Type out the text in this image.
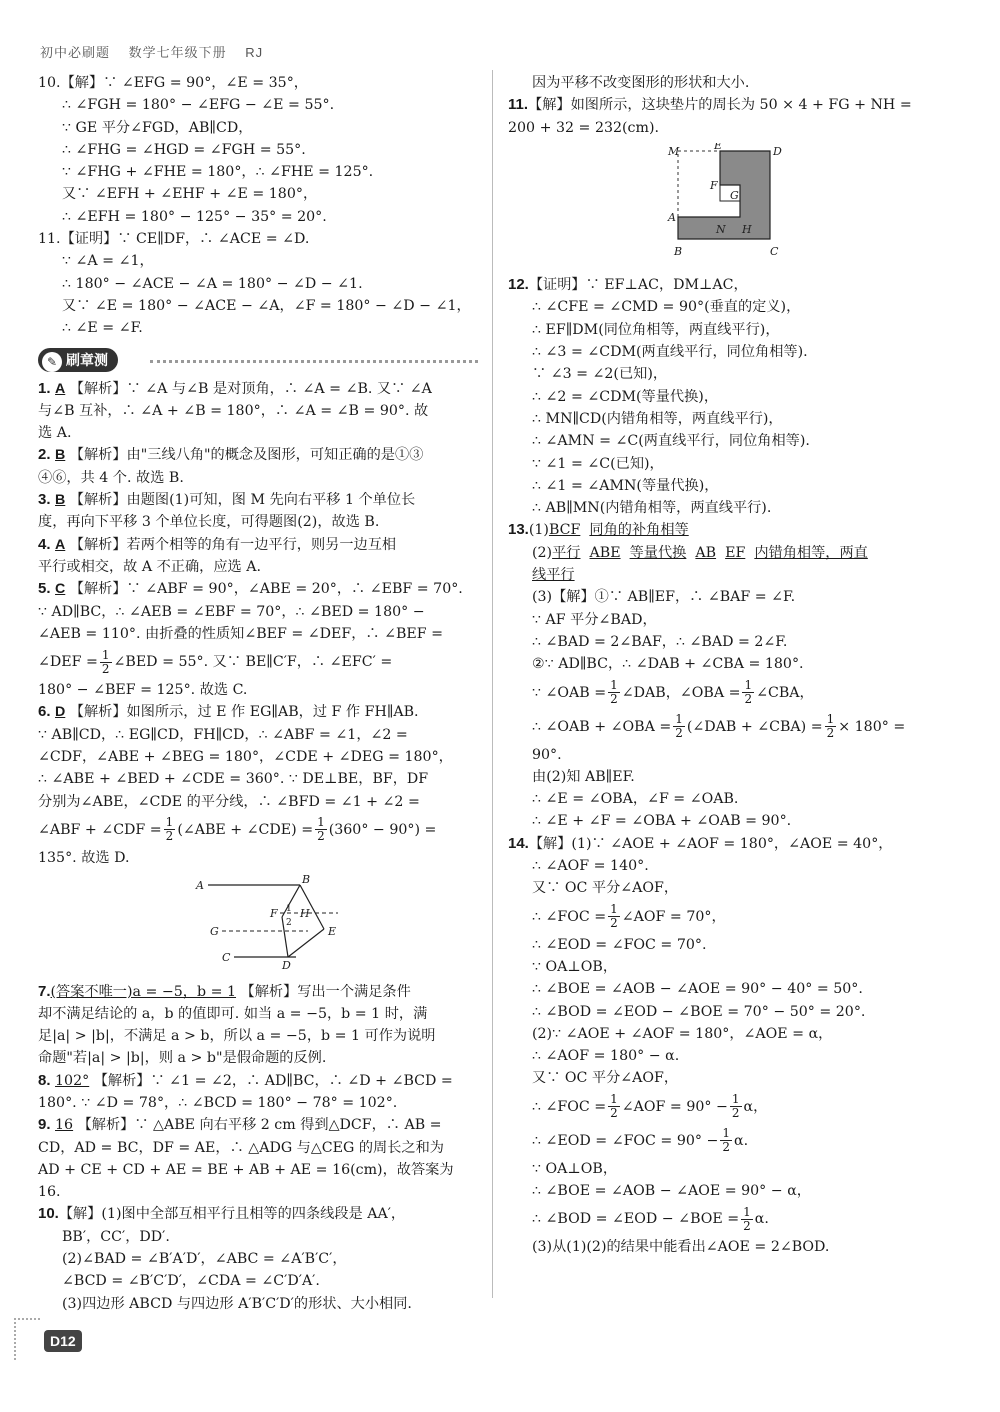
初中必刷题 数学七年级下册 RJ
10.【解】∵ ∠EFG = 90°，∠E = 35°，
∴ ∠FGH = 180° − ∠EFG − ∠E = 55°.
∵ GE 平分∠FGD，AB∥CD，
∴ ∠FHG = ∠HGD = ∠FGH = 55°.
∵ ∠FHG + ∠FHE = 180°，∴ ∠FHE = 125°.
又∵ ∠EFH + ∠EHF + ∠E = 180°，
∴ ∠EFH = 180° − 125° − 35° = 20°.
11.【证明】∵ CE∥DF，∴ ∠ACE = ∠D.
∵ ∠A = ∠1，
∴ 180° − ∠ACE − ∠A = 180° − ∠D − ∠1.
又∵ ∠E = 180° − ∠ACE − ∠A，∠F = 180° − ∠D − ∠1，
∴ ∠E = ∠F.
✎ 刷章测
1. A 【解析】∵ ∠A 与∠B 是对顶角，∴ ∠A = ∠B. 又∵ ∠A
与∠B 互补，∴ ∠A + ∠B = 180°，∴ ∠A = ∠B = 90°. 故
选 A.
2. B 【解析】由"三线八角"的概念及图形，可知正确的是①③
④⑥，共 4 个. 故选 B.
3. B 【解析】由题图(1)可知，图 M 先向右平移 1 个单位长
度，再向下平移 3 个单位长度，可得题图(2)，故选 B.
4. A 【解析】若两个相等的角有一边平行，则另一边互相
平行或相交，故 A 不正确，应选 A.
5. C 【解析】∵ ∠ABF = 90°，∠ABE = 20°，∴ ∠EBF = 70°.
∵ AD∥BC，∴ ∠AEB = ∠EBF = 70°，∴ ∠BED = 180° −
∠AEB = 110°. 由折叠的性质知∠BEF = ∠DEF，∴ ∠BEF =
∠DEF = $\frac{1}{2}$ ∠BED = 55°. 又∵ BE∥C′F，∴ ∠EFC′ =
180° − ∠BEF = 125°. 故选 C.
6. D 【解析】如图所示，过 E 作 EG∥AB，过 F 作 FH∥AB.
∵ AB∥CD，∴ EG∥CD，FH∥CD，∴ ∠ABF = ∠1，∠2 =
∠CDF，∠ABE + ∠BEG = 180°，∠CDE + ∠DEG = 180°，
∴ ∠ABE + ∠BED + ∠CDE = 360°. ∵ DE⊥BE，BF，DF
分别为∠ABE，∠CDE 的平分线，∴ ∠BFD = ∠1 + ∠2 =
∠ABF + ∠CDF = $\frac{1}{2}$ (∠ABE + ∠CDE) = $\frac{1}{2} (360^\circ - 90^\circ)$ =
135°. 故选 D.
A	B
F 1
2
H
G	E
C
D
7.(答案不唯一)a = −5，b = 1 【解析】写出一个满足条件
却不满足结论的 a，b 的值即可. 如当 a = −5，b = 1 时，满
足|a| > |b|，不满足 a > b，所以 a = −5，b = 1 可作为说明
命题"若|a| > |b|，则 a > b"是假命题的反例.
8. 102° 【解析】∵ ∠1 = ∠2，∴ AD∥BC，∴ ∠D + ∠BCD =
180°. ∵ ∠D = 78°，∴ ∠BCD = 180° − 78° = 102°.
9. 16 【解析】∵ △ABE 向右平移 2 cm 得到△DCF，∴ AB =
CD，AD = BC，DF = AE，∴ △ADG 与△CEG 的周长之和为
AD + CE + CD + AE = BE + AB + AE = 16(cm)，故答案为
16.
10.【解】(1)图中全部互相平行且相等的四条线段是 AA′，
BB′，CC′，DD′.
(2)∠BAD = ∠B′A′D′，∠ABC = ∠A′B′C′，
∠BCD = ∠B′C′D′，∠CDA = ∠C′D′A′.
(3)四边形 ABCD 与四边形 A′B′C′D′的形状、大小相同.
因为平移不改变图形的形状和大小.
11.【解】如图所示，这块垫片的周长为 50 × 4 + FG + NH =
200 + 32 = 232(cm).
M	E	D
F
G
A
N H
B	C
12.【证明】∵ EF⊥AC，DM⊥AC，
∴ ∠CFE = ∠CMD = 90°(垂直的定义)，
∴ EF∥DM(同位角相等，两直线平行)，
∴ ∠3 = ∠CDM(两直线平行，同位角相等).
∵ ∠3 = ∠2(已知)，
∴ ∠2 = ∠CDM(等量代换)，
∴ MN∥CD(内错角相等，两直线平行)，
∴ ∠AMN = ∠C(两直线平行，同位角相等).
∵ ∠1 = ∠C(已知)，
∴ ∠1 = ∠AMN(等量代换)，
∴ AB∥MN(内错角相等，两直线平行).
13.(1)BCF 同角的补角相等
(2)平行 ABE 等量代换 AB EF 内错角相等，两直
线平行
(3)【解】①∵ AB∥EF，∴ ∠BAF = ∠F.
∵ AF 平分∠BAD，
∴ ∠BAD = 2∠BAF，∴ ∠BAD = 2∠F.
②∵ AD∥BC，∴ ∠DAB + ∠CBA = 180°.
∵ ∠OAB = $\frac{1}{2}$ ∠DAB，∠OBA = $\frac{1}{2}$ ∠CBA，
∴ ∠OAB + ∠OBA = $\frac{1}{2}$ (∠DAB + ∠CBA) = $\frac{1}{2} \times 180^\circ$ =
90°.
由(2)知 AB∥EF.
∴ ∠E = ∠OBA，∠F = ∠OAB.
∴ ∠E + ∠F = ∠OBA + ∠OAB = 90°.
14.【解】(1)∵ ∠AOE + ∠AOF = 180°，∠AOE = 40°，
∴ ∠AOF = 140°.
又∵ OC 平分∠AOF，
∴ ∠FOC = $\frac{1}{2}$ ∠AOF = 70°，
∴ ∠EOD = ∠FOC = 70°.
∵ OA⊥OB，
∴ ∠BOE = ∠AOB − ∠AOE = 90° − 40° = 50°.
∴ ∠BOD = ∠EOD − ∠BOE = 70° − 50° = 20°.
(2)∵ ∠AOE + ∠AOF = 180°，∠AOE = α，
∴ ∠AOF = 180° − α.
又∵ OC 平分∠AOF，
∴ ∠FOC = $\frac{1}{2}$ ∠AOF = $90^\circ - \frac{1}{2}$ α，
∴ ∠EOD = ∠FOC = $90^\circ - \frac{1}{2} \alpha$.
∵ OA⊥OB，
∴ ∠BOE = ∠AOB − ∠AOE = 90° − α，
∴ ∠BOD = ∠EOD − ∠BOE = $\frac{1}{2} \alpha$.
(3)从(1)(2)的结果中能看出∠AOE = 2∠BOD.
D12
